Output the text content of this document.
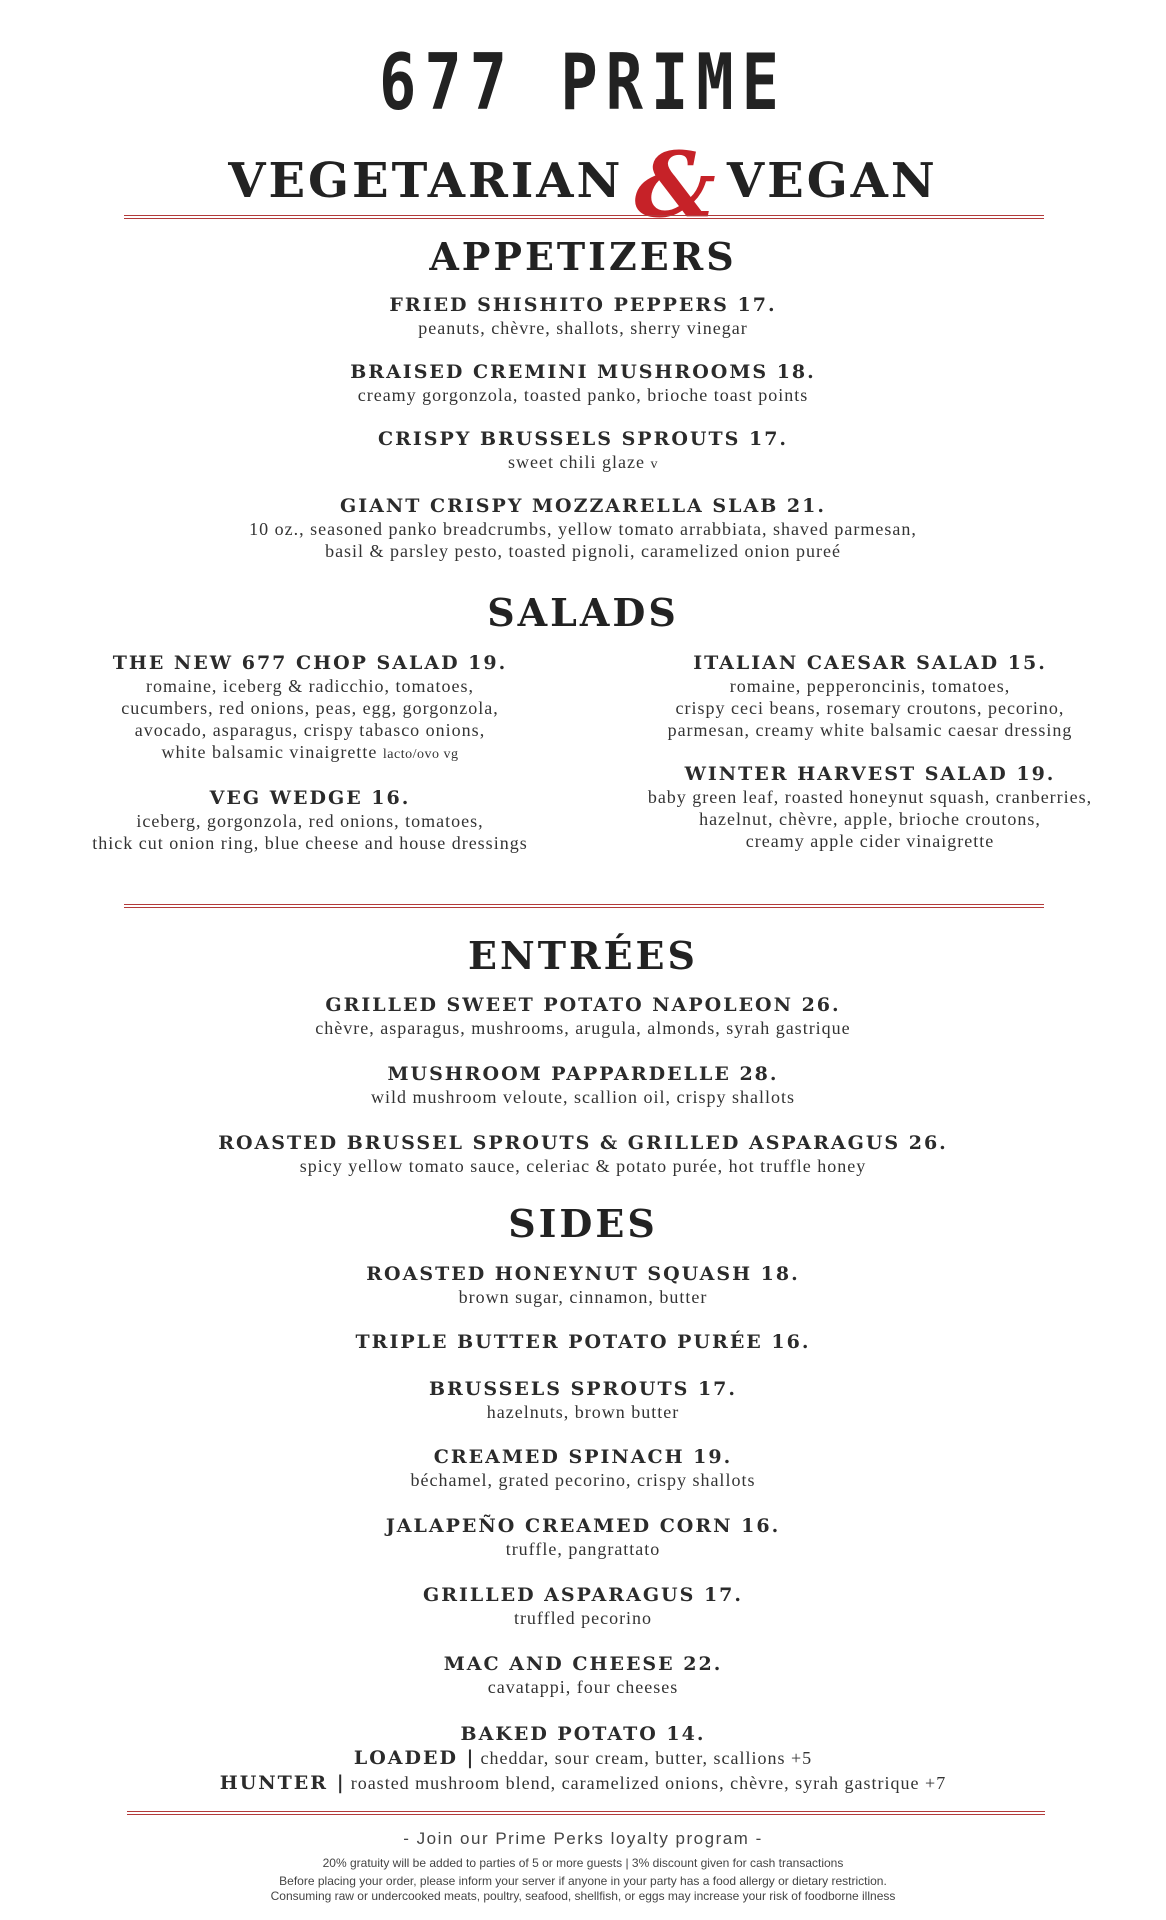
677 PRIME
VEGETARIAN & VEGAN
APPETIZERS
FRIED SHISHITO PEPPERS 17.
peanuts, chèvre, shallots, sherry vinegar
BRAISED CREMINI MUSHROOMS 18.
creamy gorgonzola, toasted panko, brioche toast points
CRISPY BRUSSELS SPROUTS 17.
sweet chili glaze v
GIANT CRISPY MOZZARELLA SLAB 21.
10 oz., seasoned panko breadcrumbs, yellow tomato arrabbiata, shaved parmesan,
basil & parsley pesto, toasted pignoli, caramelized onion pureé
SALADS
THE NEW 677 CHOP SALAD 19.
romaine, iceberg & radicchio, tomatoes,
cucumbers, red onions, peas, egg, gorgonzola,
avocado, asparagus, crispy tabasco onions,
white balsamic vinaigrette lacto/ovo vg
VEG WEDGE 16.
iceberg, gorgonzola, red onions, tomatoes,
thick cut onion ring, blue cheese and house dressings
ITALIAN CAESAR SALAD 15.
romaine, pepperoncinis, tomatoes,
crispy ceci beans, rosemary croutons, pecorino,
parmesan, creamy white balsamic caesar dressing
WINTER HARVEST SALAD 19.
baby green leaf, roasted honeynut squash, cranberries,
hazelnut, chèvre, apple, brioche croutons,
creamy apple cider vinaigrette
ENTRÉES
GRILLED SWEET POTATO NAPOLEON 26.
chèvre, asparagus, mushrooms, arugula, almonds, syrah gastrique
MUSHROOM PAPPARDELLE 28.
wild mushroom veloute, scallion oil, crispy shallots
ROASTED BRUSSEL SPROUTS & GRILLED ASPARAGUS 26.
spicy yellow tomato sauce, celeriac & potato purée, hot truffle honey
SIDES
ROASTED HONEYNUT SQUASH 18.
brown sugar, cinnamon, butter
TRIPLE BUTTER POTATO PURÉE 16.
BRUSSELS SPROUTS 17.
hazelnuts, brown butter
CREAMED SPINACH 19.
béchamel, grated pecorino, crispy shallots
JALAPEÑO CREAMED CORN 16.
truffle, pangrattato
GRILLED ASPARAGUS 17.
truffled pecorino
MAC AND CHEESE 22.
cavatappi, four cheeses
BAKED POTATO 14.
LOADED | cheddar, sour cream, butter, scallions +5
HUNTER | roasted mushroom blend, caramelized onions, chèvre, syrah gastrique +7
- Join our Prime Perks loyalty program -
20% gratuity will be added to parties of 5 or more guests | 3% discount given for cash transactions
Before placing your order, please inform your server if anyone in your party has a food allergy or dietary restriction.
Consuming raw or undercooked meats, poultry, seafood, shellfish, or eggs may increase your risk of foodborne illness
